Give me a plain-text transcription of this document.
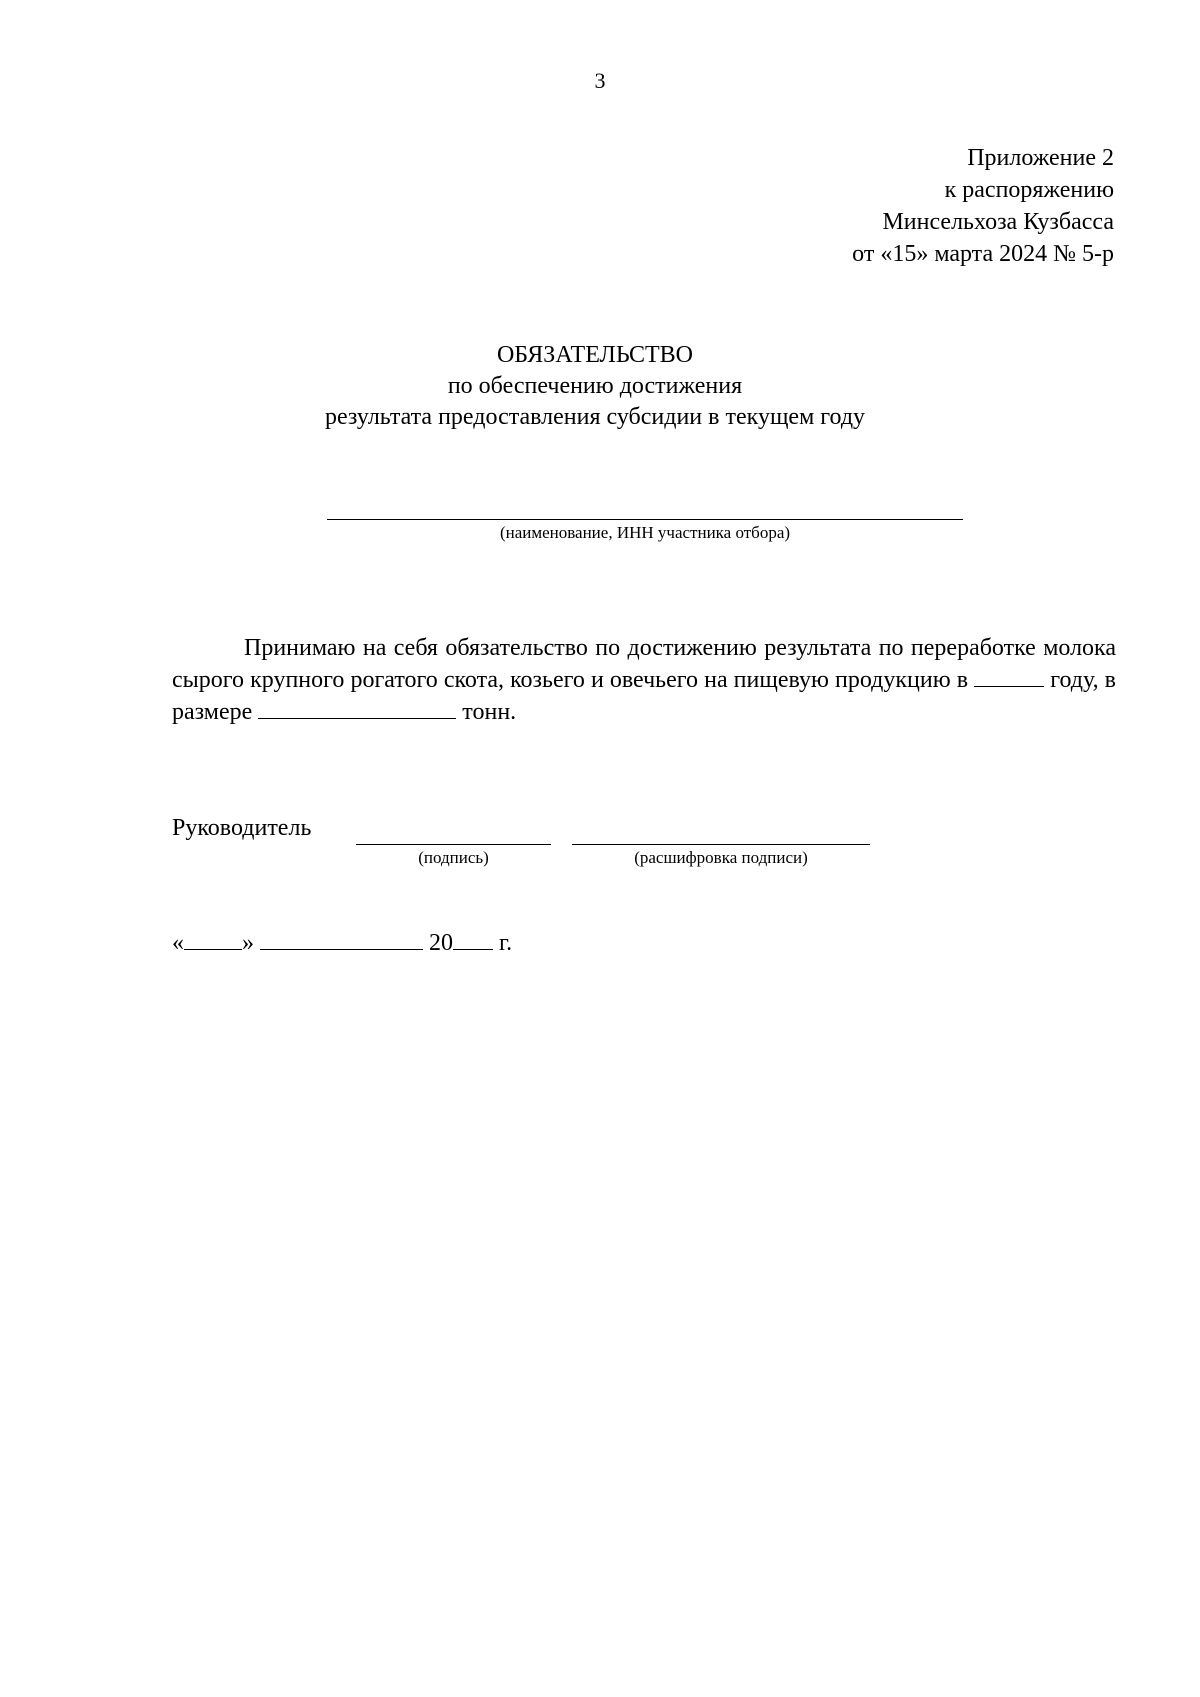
3
Приложение 2
к распоряжению
Минсельхоза Кузбасса
от «15» марта 2024 № 5-р
ОБЯЗАТЕЛЬСТВО
по обеспечению достижения
результата предоставления субсидии в текущем году
(наименование, ИНН участника отбора)
Принимаю на себя обязательство по достижению результата по переработке молока сырого крупного рогатого скота, козьего и овечьего на пищевую продукцию в	году, в размере	тонн.
Руководитель
(подпись)	(расшифровка подписи)
« »	20 г.
